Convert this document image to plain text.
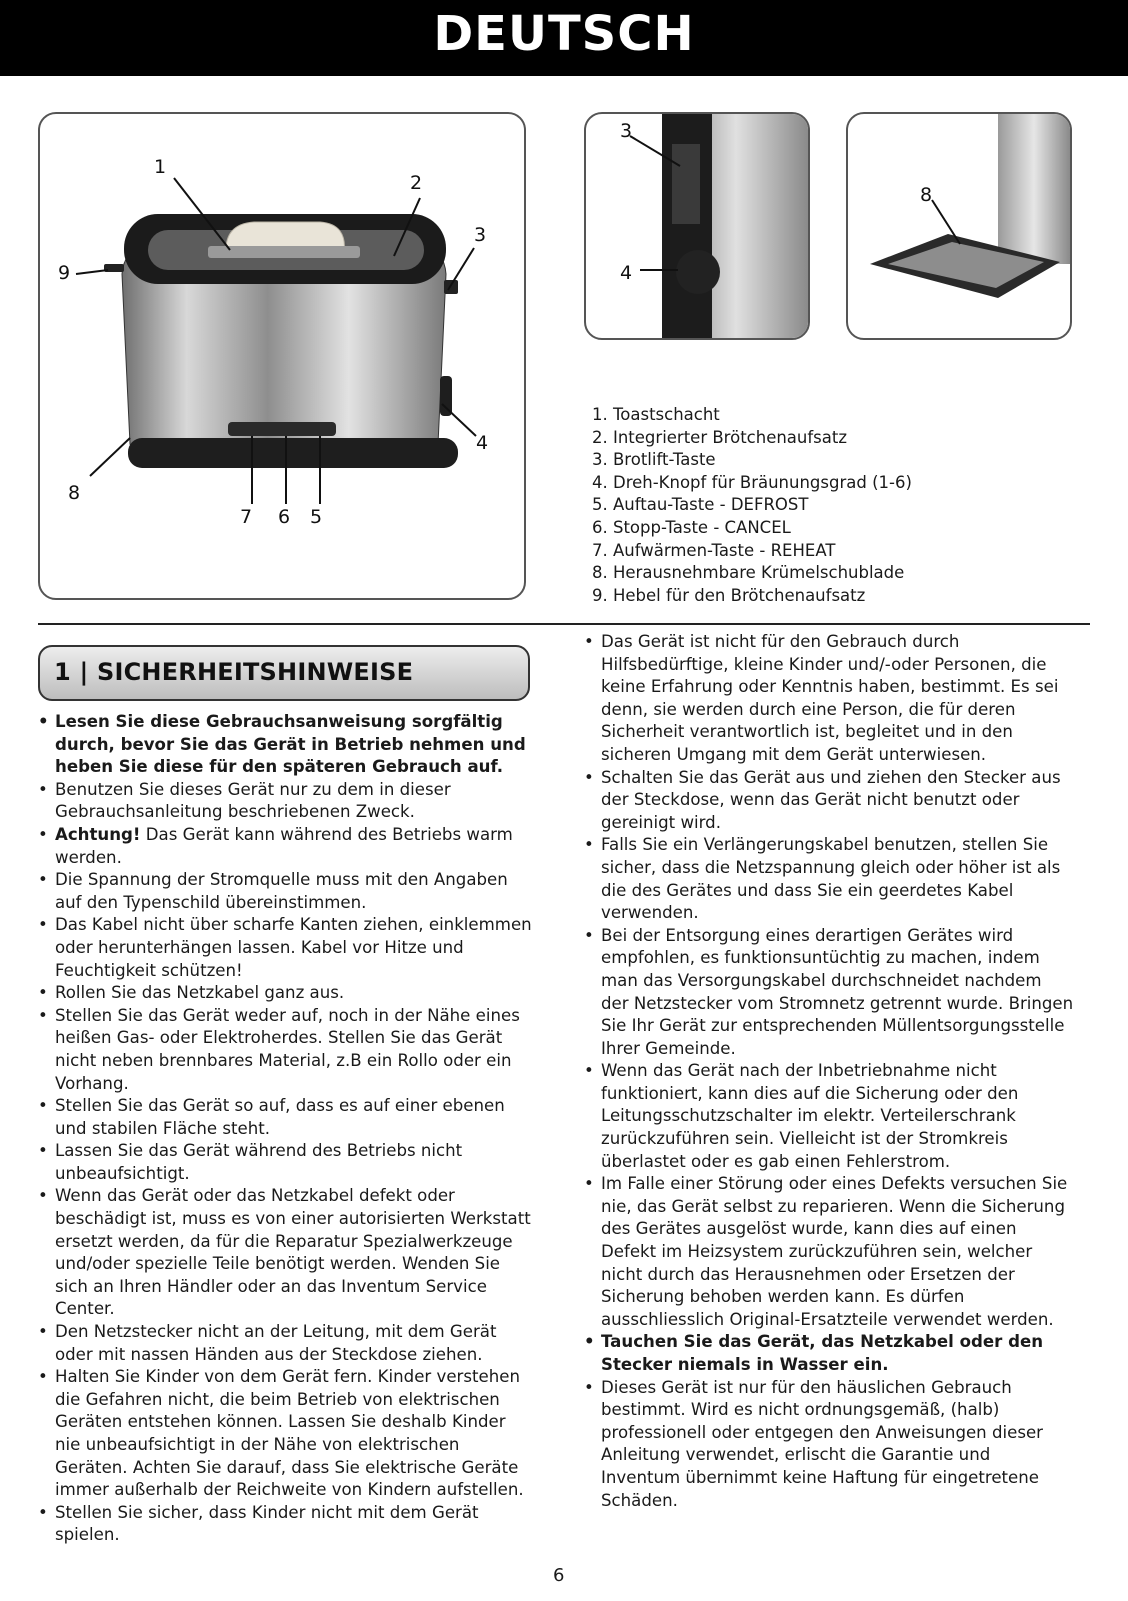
DEUTSCH
1
2
3
9
4
8
7 6 5
3
4
8
1. Toastschacht
2. Integrierter Brötchenaufsatz
3. Brotlift-Taste
4. Dreh-Knopf für Bräunungsgrad (1-6)
5. Auftau-Taste - DEFROST
6. Stopp-Taste - CANCEL
7. Aufwärmen-Taste - REHEAT
8. Herausnehmbare Krümelschublade
9. Hebel für den Brötchenaufsatz
1 | SICHERHEITSHINWEISE
• Lesen Sie diese Gebrauchsanweisung sorgfältig durch, bevor Sie das Gerät in Betrieb nehmen und heben Sie diese für den späteren Gebrauch auf.
• Benutzen Sie dieses Gerät nur zu dem in dieser Gebrauchsanleitung beschriebenen Zweck.
• Achtung! Das Gerät kann während des Betriebs warm werden.
• Die Spannung der Stromquelle muss mit den Angaben auf den Typenschild übereinstimmen.
• Das Kabel nicht über scharfe Kanten ziehen, einklemmen oder herunterhängen lassen. Kabel vor Hitze und Feuchtigkeit schützen!
• Rollen Sie das Netzkabel ganz aus.
• Stellen Sie das Gerät weder auf, noch in der Nähe eines heißen Gas- oder Elektroherdes. Stellen Sie das Gerät nicht neben brennbares Material, z.B ein Rollo oder ein Vorhang.
• Stellen Sie das Gerät so auf, dass es auf einer ebenen und stabilen Fläche steht.
• Lassen Sie das Gerät während des Betriebs nicht unbeaufsichtigt.
• Wenn das Gerät oder das Netzkabel defekt oder beschädigt ist, muss es von einer autorisierten Werkstatt ersetzt werden, da für die Reparatur Spezialwerkzeuge und/oder spezielle Teile benötigt werden. Wenden Sie sich an Ihren Händler oder an das Inventum Service Center.
• Den Netzstecker nicht an der Leitung, mit dem Gerät oder mit nassen Händen aus der Steckdose ziehen.
• Halten Sie Kinder von dem Gerät fern. Kinder verstehen die Gefahren nicht, die beim Betrieb von elektrischen Geräten entstehen können. Lassen Sie deshalb Kinder nie unbeaufsichtigt in der Nähe von elektrischen Geräten. Achten Sie darauf, dass Sie elektrische Geräte immer außerhalb der Reichweite von Kindern aufstellen.
• Stellen Sie sicher, dass Kinder nicht mit dem Gerät spielen.
• Das Gerät ist nicht für den Gebrauch durch Hilfsbedürftige, kleine Kinder und/-oder Personen, die keine Erfahrung oder Kenntnis haben, bestimmt. Es sei denn, sie werden durch eine Person, die für deren Sicherheit verantwortlich ist, begleitet und in den sicheren Umgang mit dem Gerät unterwiesen.
• Schalten Sie das Gerät aus und ziehen den Stecker aus der Steckdose, wenn das Gerät nicht benutzt oder gereinigt wird.
• Falls Sie ein Verlängerungskabel benutzen, stellen Sie sicher, dass die Netzspannung gleich oder höher ist als die des Gerätes und dass Sie ein geerdetes Kabel verwenden.
• Bei der Entsorgung eines derartigen Gerätes wird empfohlen, es funktionsuntüchtig zu machen, indem man das Versorgungskabel durchschneidet nachdem der Netzstecker vom Stromnetz getrennt wurde. Bringen Sie Ihr Gerät zur entsprechenden Müllentsorgungsstelle Ihrer Gemeinde.
• Wenn das Gerät nach der Inbetriebnahme nicht funktioniert, kann dies auf die Sicherung oder den Leitungsschutzschalter im elektr. Verteilerschrank zurückzuführen sein. Vielleicht ist der Stromkreis überlastet oder es gab einen Fehlerstrom.
• Im Falle einer Störung oder eines Defekts versuchen Sie nie, das Gerät selbst zu reparieren. Wenn die Sicherung des Gerätes ausgelöst wurde, kann dies auf einen Defekt im Heizsystem zurückzuführen sein, welcher nicht durch das Herausnehmen oder Ersetzen der Sicherung behoben werden kann. Es dürfen ausschliesslich Original-Ersatzteile verwendet werden.
• Tauchen Sie das Gerät, das Netzkabel oder den Stecker niemals in Wasser ein.
• Dieses Gerät ist nur für den häuslichen Gebrauch bestimmt. Wird es nicht ordnungsgemäß, (halb) professionell oder entgegen den Anweisungen dieser Anleitung verwendet, erlischt die Garantie und Inventum übernimmt keine Haftung für eingetretene Schäden.
6
